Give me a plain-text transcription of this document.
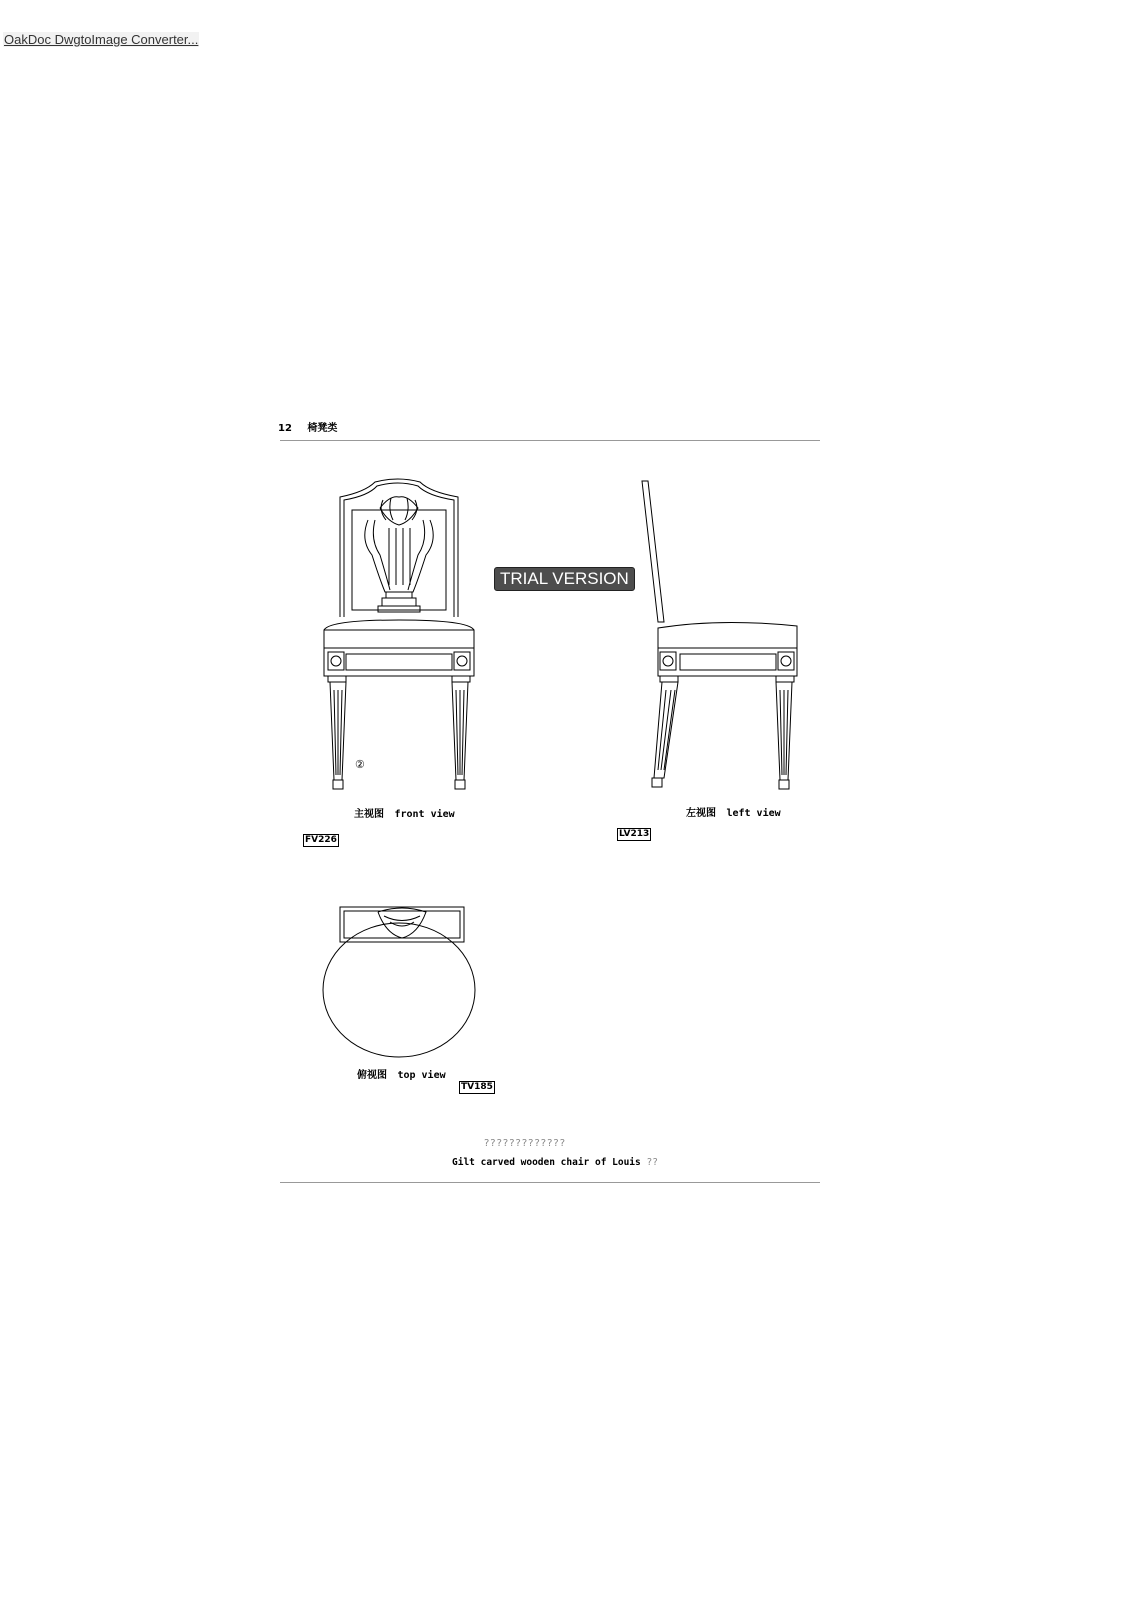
OakDoc DwgtoImage Converter...
12 椅凳类
TRIAL VERSION
②
主视图 front view
FV226
左视图 left view
LV213
俯视图 top view
TV185
?????????????
Gilt carved wooden chair of Louis ??
